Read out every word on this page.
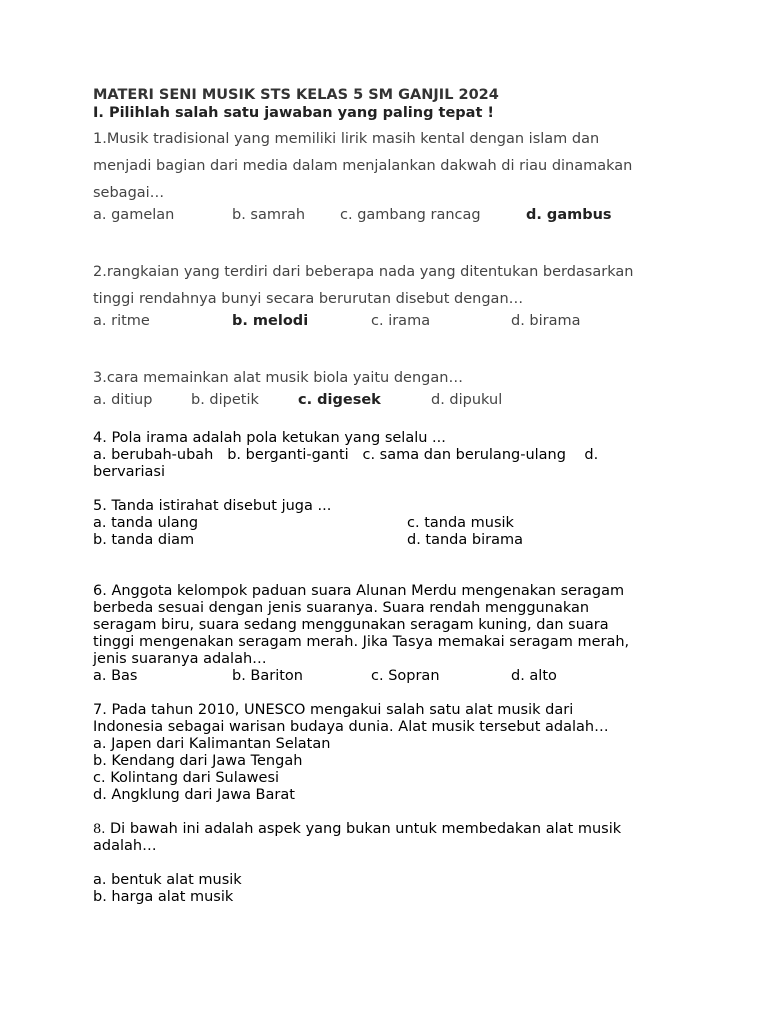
MATERI SENI MUSIK STS KELAS 5 SM GANJIL 2024

I. Pilihlah salah satu jawaban yang paling tepat !

1.Musik tradisional yang memiliki lirik masih kental dengan islam dan

menjadi bagian dari media dalam menjalankan dakwah di riau dinamakan

sebagai…

a. gamelan	b. samrah c. gambang rancag	d. gambus

2.rangkaian yang terdiri dari beberapa nada yang ditentukan berdasarkan

tinggi rendahnya bunyi secara berurutan disebut dengan…

a. ritme	b. melodi	c. irama	d. birama

3.cara memainkan alat musik biola yaitu dengan…

a. ditiup	b. dipetik	c. digesek	d. dipukul

4. Pola irama adalah pola ketukan yang selalu ...

a. berubah-ubah   b. berganti-ganti   c. sama dan berulang-ulang    d.

bervariasi

5. Tanda istirahat disebut juga ...

a. tanda ulang	c. tanda musik
b. tanda diam	d. tanda birama

6. Anggota kelompok paduan suara Alunan Merdu mengenakan seragam

berbeda sesuai dengan jenis suaranya. Suara rendah menggunakan

seragam biru, suara sedang menggunakan seragam kuning, dan suara

tinggi mengenakan seragam merah. Jika Tasya memakai seragam merah,

jenis suaranya adalah…

a. Bas	b. Bariton	c. Sopran	d. alto

7. Pada tahun 2010, UNESCO mengakui salah satu alat musik dari

Indonesia sebagai warisan budaya dunia. Alat musik tersebut adalah…

a. Japen dari Kalimantan Selatan

b. Kendang dari Jawa Tengah

c. Kolintang dari Sulawesi

d. Angklung dari Jawa Barat

8. Di bawah ini adalah aspek yang bukan untuk membedakan alat musik

adalah…

a. bentuk alat musik

b. harga alat musik
